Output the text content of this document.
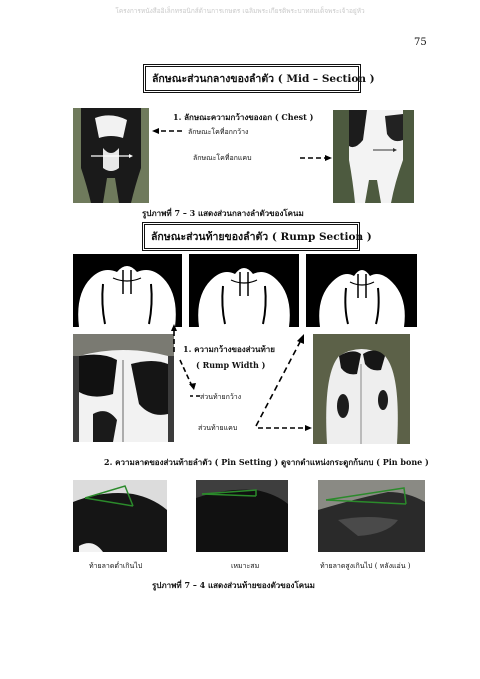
โครงการหนังสืออิเล็กทรอนิกส์ด้านการเกษตร เฉลิมพระเกียรติพระบาทสมเด็จพระเจ้าอยู่หัว
75
ลักษณะส่วนกลางของลำตัว ( Mid – Section )
1. ลักษณะความกว้างของอก ( Chest )
ลักษณะโคที่อกกว้าง
ลักษณะโคที่อกแคบ
รูปภาพที่ 7 – 3 แสดงส่วนกลางลำตัวของโคนม
ลักษณะส่วนท้ายของลำตัว ( Rump Section )
1. ความกว้างของส่วนท้าย
( Rump Width )
ส่วนท้ายกว้าง
ส่วนท้ายแคบ
2. ความลาดของส่วนท้ายลำตัว ( Pin Setting ) ดูจากตำแหน่งกระดูกก้นกบ ( Pin bone )
ท้ายลาดต่ำเกินไป	เหมาะสม	ท้ายลาดสูงเกินไป ( หลังแอ่น )
รูปภาพที่ 7 – 4 แสดงส่วนท้ายของตัวของโคนม
